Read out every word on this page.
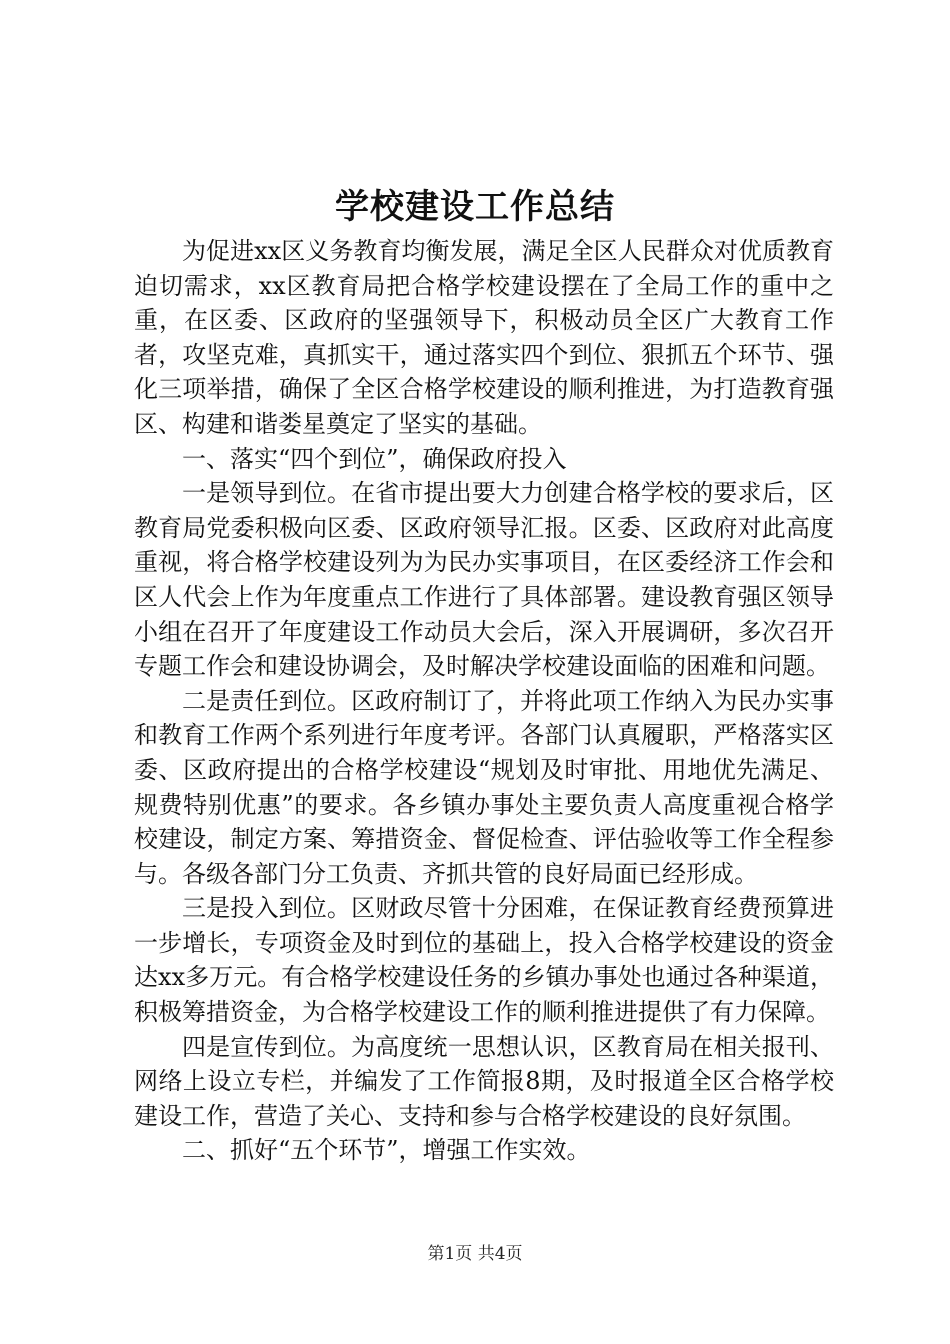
学校建设工作总结

为促进xx区义务教育均衡发展，满足全区人民群众对优质教育迫切需求，xx区教育局把合格学校建设摆在了全局工作的重中之重，在区委、区政府的坚强领导下，积极动员全区广大教育工作者，攻坚克难，真抓实干，通过落实四个到位、狠抓五个环节、强化三项举措，确保了全区合格学校建设的顺利推进，为打造教育强区、构建和谐娄星奠定了坚实的基础。

一、落实“四个到位”，确保政府投入

一是领导到位。在省市提出要大力创建合格学校的要求后，区教育局党委积极向区委、区政府领导汇报。区委、区政府对此高度重视，将合格学校建设列为为民办实事项目，在区委经济工作会和区人代会上作为年度重点工作进行了具体部署。建设教育强区领导小组在召开了年度建设工作动员大会后，深入开展调研，多次召开专题工作会和建设协调会，及时解决学校建设面临的困难和问题。

二是责任到位。区政府制订了，并将此项工作纳入为民办实事和教育工作两个系列进行年度考评。各部门认真履职，严格落实区委、区政府提出的合格学校建设“规划及时审批、用地优先满足、规费特别优惠”的要求。各乡镇办事处主要负责人高度重视合格学校建设，制定方案、筹措资金、督促检查、评估验收等工作全程参与。各级各部门分工负责、齐抓共管的良好局面已经形成。

三是投入到位。区财政尽管十分困难，在保证教育经费预算进一步增长，专项资金及时到位的基础上，投入合格学校建设的资金达xx多万元。有合格学校建设任务的乡镇办事处也通过各种渠道，积极筹措资金，为合格学校建设工作的顺利推进提供了有力保障。

四是宣传到位。为高度统一思想认识，区教育局在相关报刊、网络上设立专栏，并编发了工作简报8期，及时报道全区合格学校建设工作，营造了关心、支持和参与合格学校建设的良好氛围。

二、抓好“五个环节”，增强工作实效。

第1页 共4页
